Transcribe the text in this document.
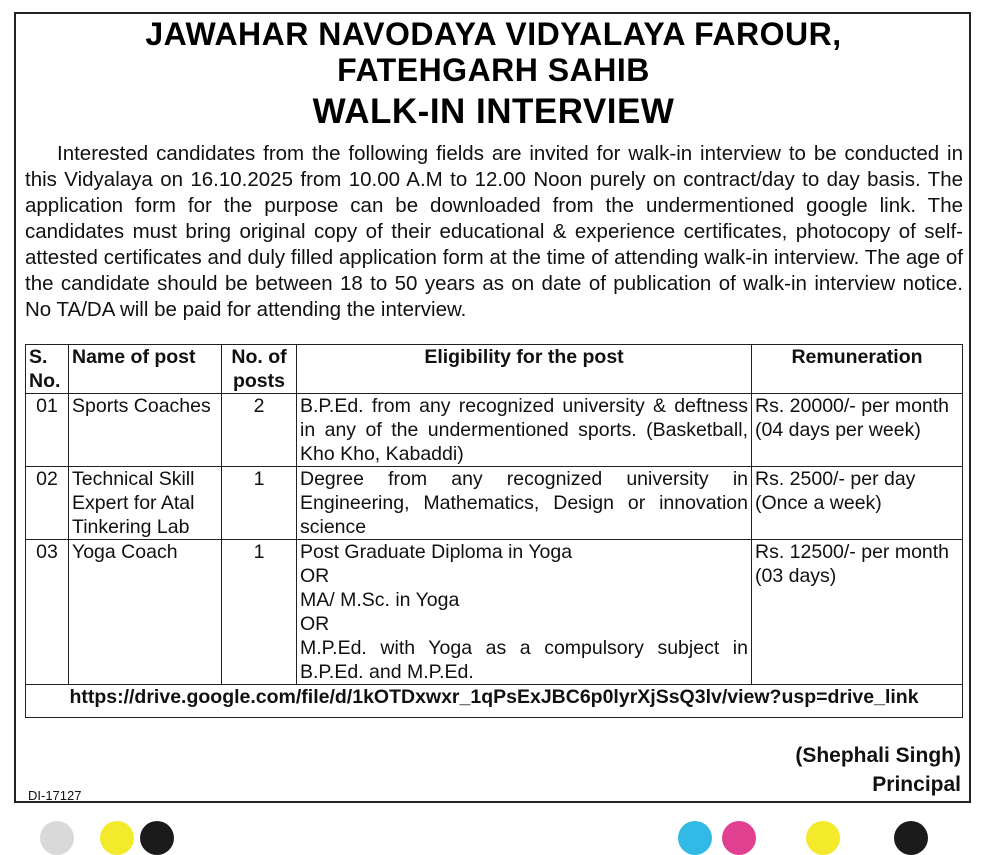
JAWAHAR NAVODAYA VIDYALAYA FAROUR,
FATEHGARH SAHIB
WALK-IN INTERVIEW

Interested candidates from the following fields are invited for walk-in interview to be conducted in this Vidyalaya on 16.10.2025 from 10.00 A.M to 12.00 Noon purely on contract/day to day basis. The application form for the purpose can be downloaded from the undermentioned google link. The candidates must bring original copy of their educational & experience certificates, photocopy of self-attested certificates and duly filled application form at the time of attending walk-in interview. The age of the candidate should be between 18 to 50 years as on date of publication of walk-in interview notice. No TA/DA will be paid for attending the interview.

S. No.	Name of post	No. of posts	Eligibility for the post	Remuneration
01	Sports Coaches	2	B.P.Ed. from any recognized university & deftness in any of the undermentioned sports. (Basketball, Kho Kho, Kabaddi)	Rs. 20000/- per month (04 days per week)
02	Technical Skill Expert for Atal Tinkering Lab	1	Degree from any recognized university in Engineering, Mathematics, Design or innovation science	Rs. 2500/- per day (Once a week)
03	Yoga Coach	1	Post Graduate Diploma in Yoga
OR
MA/ M.Sc. in Yoga
OR
M.P.Ed. with Yoga as a compulsory subject in B.P.Ed. and M.P.Ed.	Rs. 12500/- per month (03 days)
https://drive.google.com/file/d/1kOTDxwxr_1qPsExJBC6p0lyrXjSsQ3lv/view?usp=drive_link				
(Shephali Singh)
Principal
DI-17127
